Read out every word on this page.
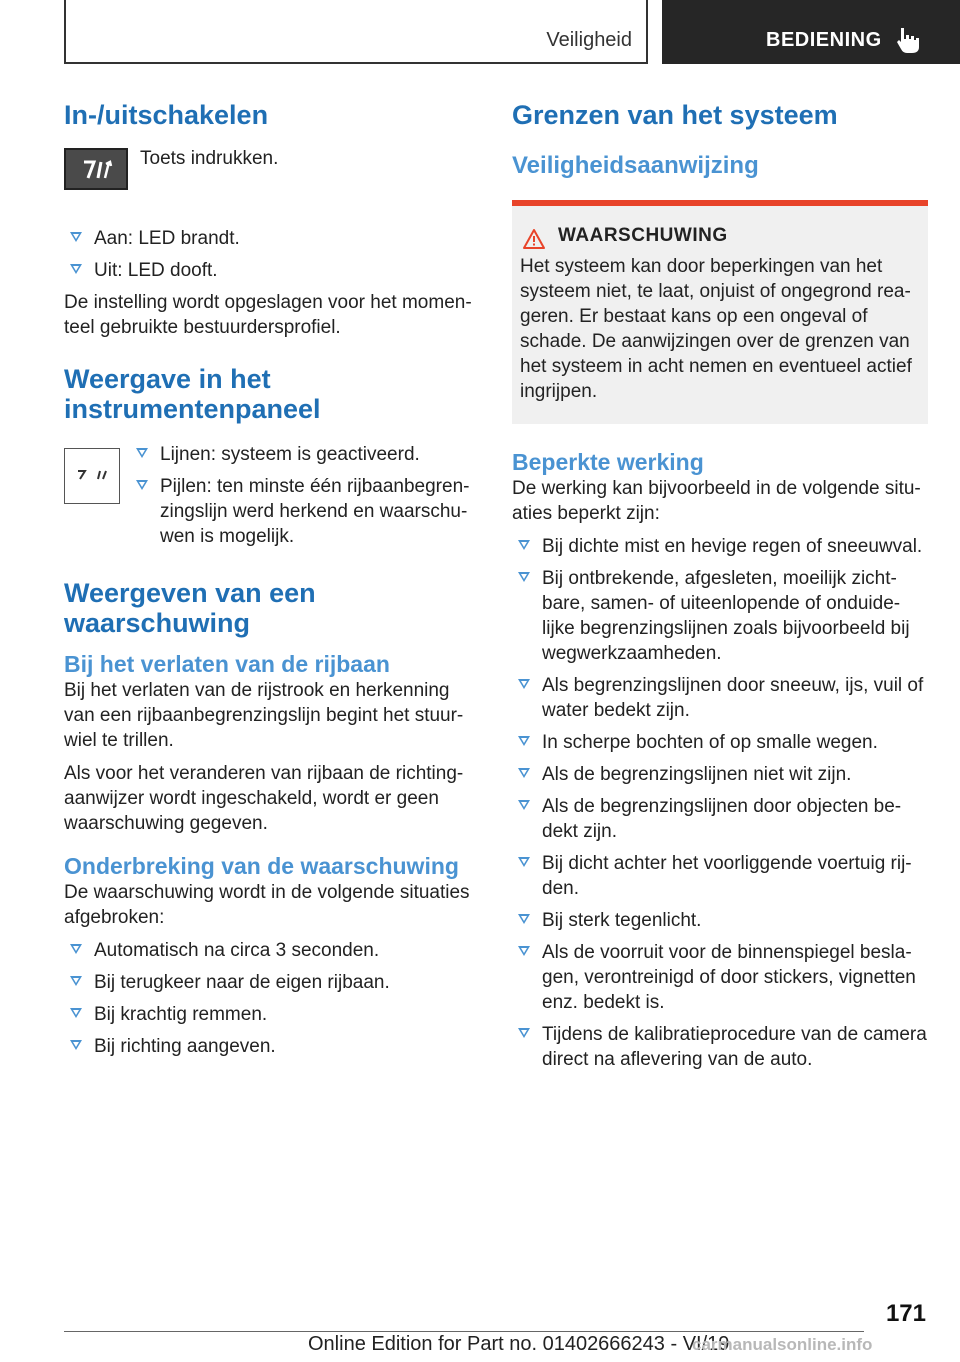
Veiligheid	BEDIENING
In-/uitschakelen

Toets indrukken.

Aan: LED brandt.
Uit: LED dooft.

De instelling wordt opgeslagen voor het momen-
teel gebruikte bestuurdersprofiel.

Weergave in het
instrumentenpaneel
Lijnen: systeem is geactiveerd.
Pijlen: ten minste één rijbaanbegren-
zingslijn werd herkend en waarschu-
wen is mogelijk.
Weergeven van een
waarschuwing
Bij het verlaten van de rijbaan

Bij het verlaten van de rijstrook en herkenning
van een rijbaanbegrenzingslijn begint het stuur-
wiel te trillen.

Als voor het veranderen van rijbaan de richting-
aanwijzer wordt ingeschakeld, wordt er geen
waarschuwing gegeven.

Onderbreking van de waarschuwing

De waarschuwing wordt in de volgende situaties
afgebroken:

Automatisch na circa 3 seconden.
Bij terugkeer naar de eigen rijbaan.
Bij krachtig remmen.
Bij richting aangeven.
Grenzen van het systeem
Veiligheidsaanwijzing
WAARSCHUWING

Het systeem kan door beperkingen van het
systeem niet, te laat, onjuist of ongegrond rea-
geren. Er bestaat kans op een ongeval of
schade. De aanwijzingen over de grenzen van
het systeem in acht nemen en eventueel actief
ingrijpen.

Beperkte werking

De werking kan bijvoorbeeld in de volgende situ-
aties beperkt zijn:

Bij dichte mist en hevige regen of sneeuwval.
Bij ontbrekende, afgesleten, moeilijk zicht-
bare, samen- of uiteenlopende of onduide-
lijke begrenzingslijnen zoals bijvoorbeeld bij
wegwerkzaamheden.
Als begrenzingslijnen door sneeuw, ijs, vuil of
water bedekt zijn.
In scherpe bochten of op smalle wegen.
Als de begrenzingslijnen niet wit zijn.
Als de begrenzingslijnen door objecten be-
dekt zijn.
Bij dicht achter het voorliggende voertuig rij-
den.
Bij sterk tegenlicht.
Als de voorruit voor de binnenspiegel besla-
gen, verontreinigd of door stickers, vignetten
enz. bedekt is.
Tijdens de kalibratieprocedure van de camera
direct na aflevering van de auto.
171
Online Edition for Part no. 01402666243 - VI/19
carmanualsonline.info
